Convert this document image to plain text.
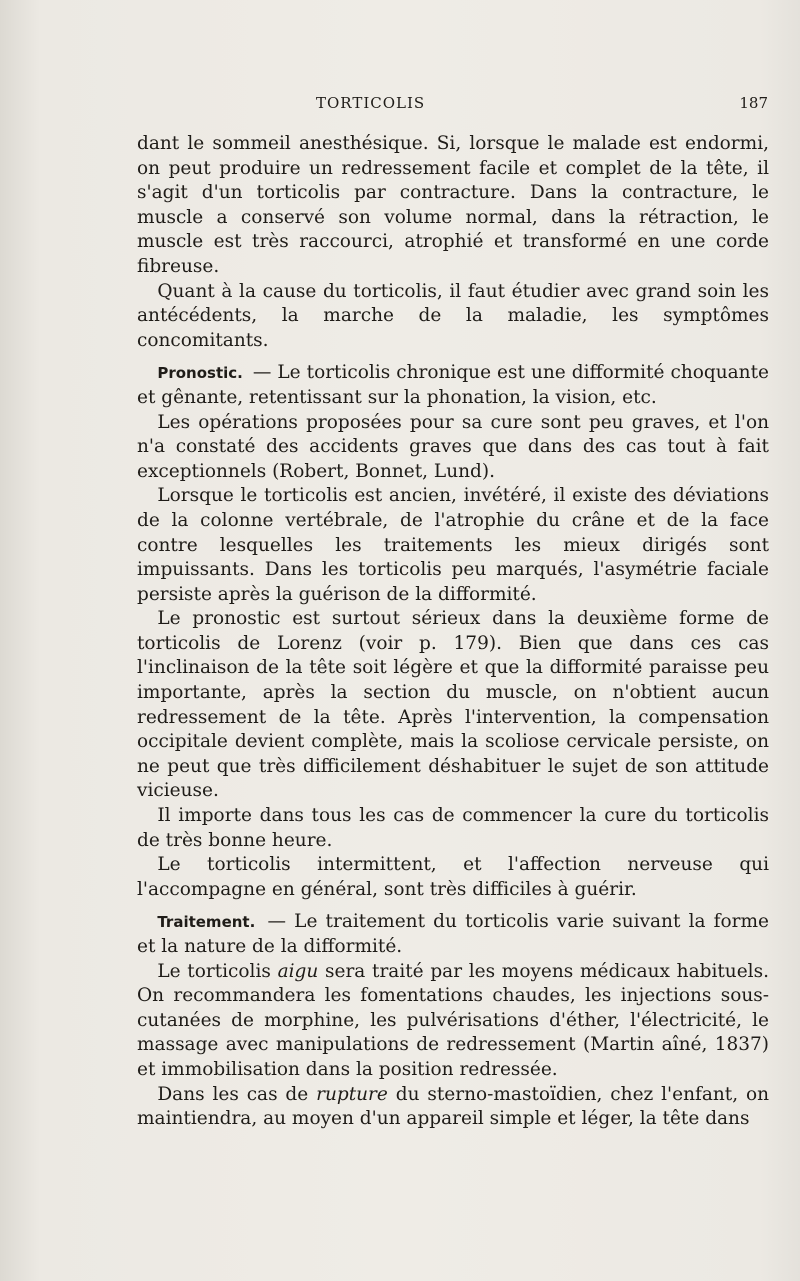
TORTICOLIS	187

dant le sommeil anesthésique. Si, lorsque le malade est endormi, on peut produire un redressement facile et complet de la tête, il s'agit d'un torticolis par contracture. Dans la contracture, le muscle a conservé son volume normal, dans la rétraction, le muscle est très raccourci, atrophié et transformé en une corde fibreuse.

Quant à la cause du torticolis, il faut étudier avec grand soin les antécédents, la marche de la maladie, les symptômes concomitants.

Pronostic. — Le torticolis chronique est une difformité choquante et gênante, retentissant sur la phonation, la vision, etc.

Les opérations proposées pour sa cure sont peu graves, et l'on n'a constaté des accidents graves que dans des cas tout à fait exceptionnels (Robert, Bonnet, Lund).

Lorsque le torticolis est ancien, invétéré, il existe des déviations de la colonne vertébrale, de l'atrophie du crâne et de la face contre lesquelles les traitements les mieux dirigés sont impuissants. Dans les torticolis peu marqués, l'asymétrie faciale persiste après la guérison de la difformité.

Le pronostic est surtout sérieux dans la deuxième forme de torticolis de Lorenz (voir p. 179). Bien que dans ces cas l'inclinaison de la tête soit légère et que la difformité paraisse peu importante, après la section du muscle, on n'obtient aucun redressement de la tête. Après l'intervention, la compensation occipitale devient complète, mais la scoliose cervicale persiste, on ne peut que très difficilement déshabituer le sujet de son attitude vicieuse.

Il importe dans tous les cas de commencer la cure du torticolis de très bonne heure.

Le torticolis intermittent, et l'affection nerveuse qui l'accompagne en général, sont très difficiles à guérir.

Traitement. — Le traitement du torticolis varie suivant la forme et la nature de la difformité.

Le torticolis aigu sera traité par les moyens médicaux habituels. On recommandera les fomentations chaudes, les injections sous-cutanées de morphine, les pulvérisations d'éther, l'électricité, le massage avec manipulations de redressement (Martin aîné, 1837) et immobilisation dans la position redressée.

Dans les cas de rupture du sterno-mastoïdien, chez l'enfant, on maintiendra, au moyen d'un appareil simple et léger, la tête dans
